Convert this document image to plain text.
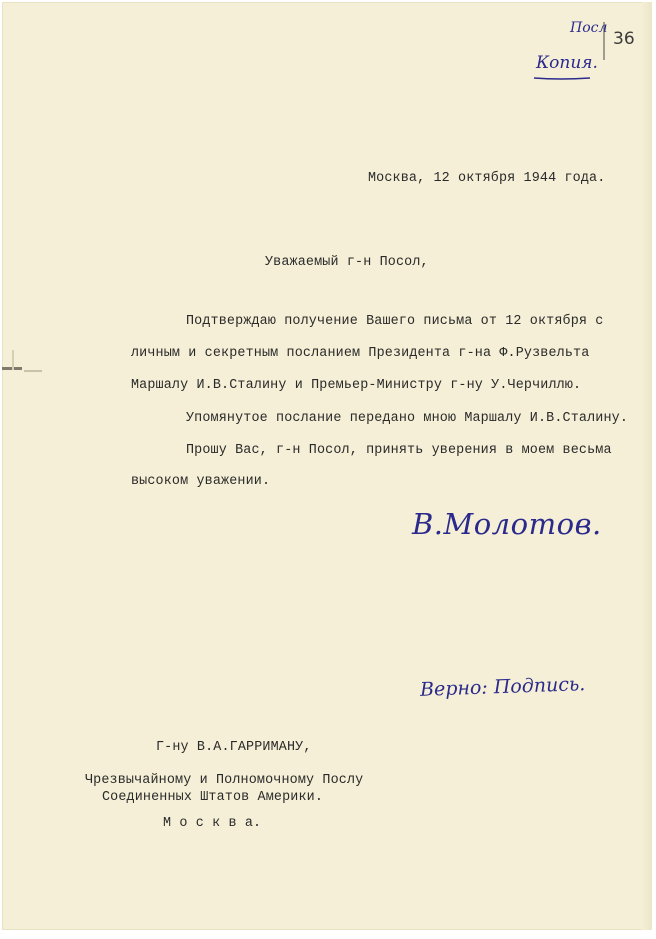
Посл
36
Копия.
Москва, 12 октября 1944 года.
Уважаемый г-н Посол,
Подтверждаю получение Вашего письма от 12 октября с
личным и секретным посланием Президента г-на Ф.Рузвельта
Маршалу И.В.Сталину и Премьер-Министру г-ну У.Черчиллю.
Упомянутое послание передано мною Маршалу И.В.Сталину.
Прошу Вас, г-н Посол, принять уверения в моем весьма
высоком уважении.
В.Молотов.
Верно: Подпись.
Г-ну В.А.ГАРРИМАНУ,
Чрезвычайному и Полномочному Послу
Соединенных Штатов Америки.
М о с к в а.
